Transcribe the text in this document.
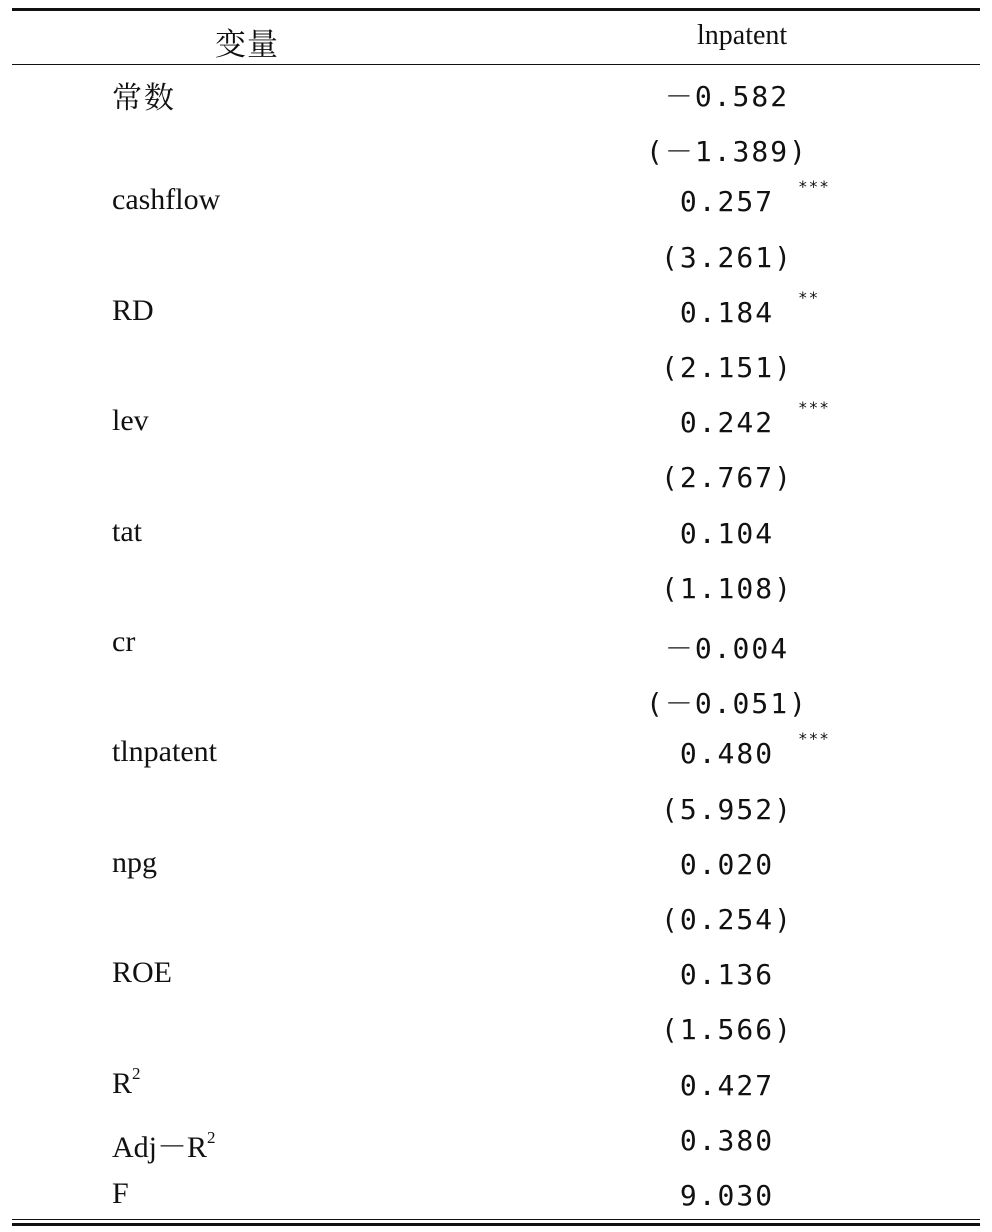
变量	lnpatent
常数	－0.582
(－1.389)
cashflow	0.257	***
(3.261)
RD	0.184	**
(2.151)
lev	0.242	***
(2.767)
tat	0.104
(1.108)
cr	－0.004
(－0.051)
tlnpatent	0.480	***
(5.952)
npg	0.020
(0.254)
ROE	0.136
(1.566)
$R^2$	0.427
$Adj-R^2$	0.380
F	9.030
